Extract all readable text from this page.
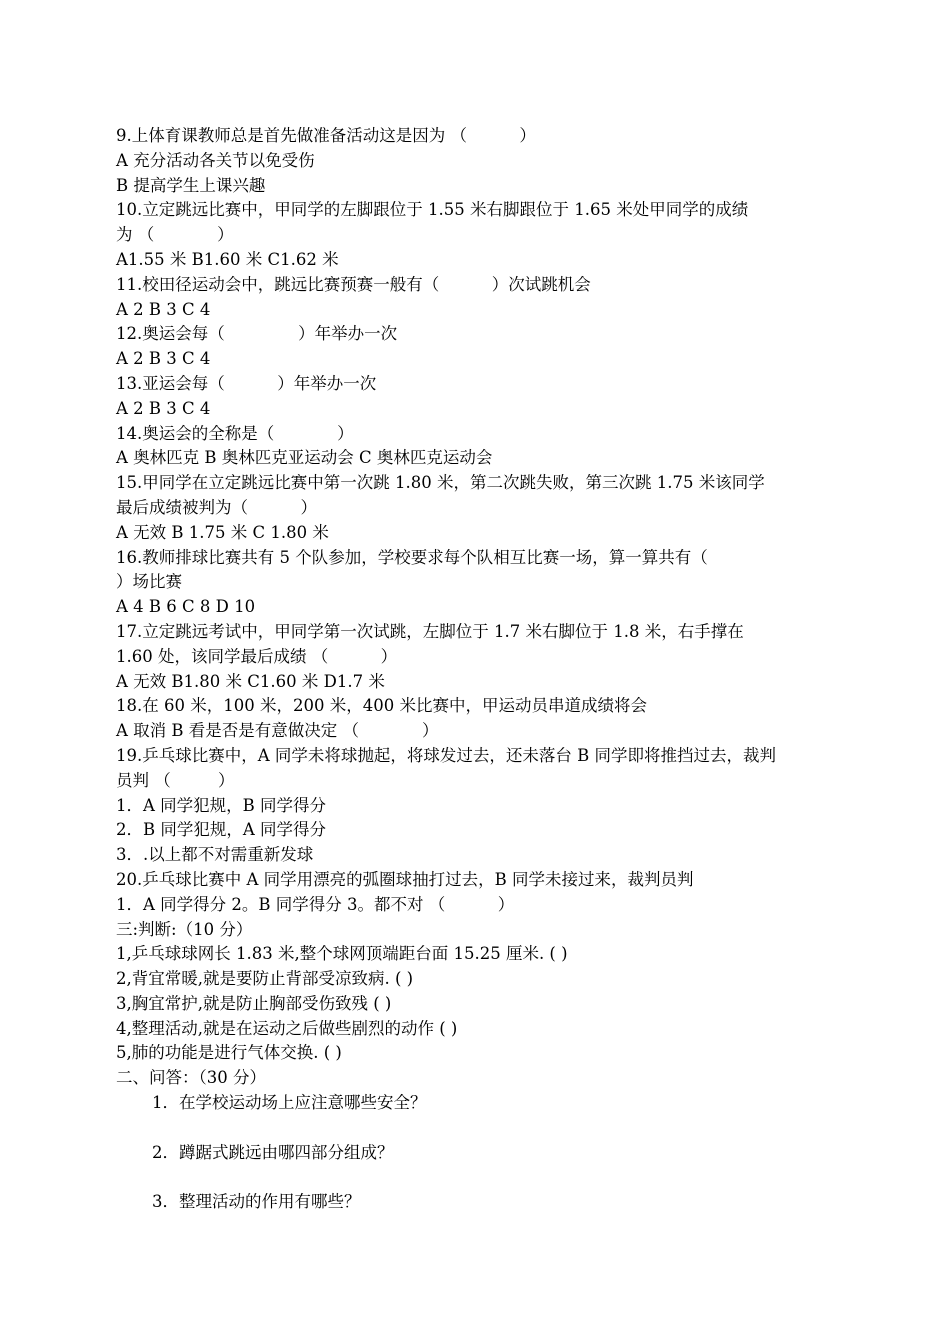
9.上体育课教师总是首先做准备活动这是因为 （          ）
A 充分活动各关节以免受伤
B 提高学生上课兴趣
10.立定跳远比赛中，甲同学的左脚跟位于 1.55 米右脚跟位于 1.65 米处甲同学的成绩
为 （            ）
A1.55 米 B1.60 米 C1.62 米
11.校田径运动会中，跳远比赛预赛一般有（          ）次试跳机会
A 2 B 3 C 4
12.奥运会每（              ）年举办一次
A 2 B 3 C 4
13.亚运会每（          ）年举办一次
A 2 B 3 C 4
14.奥运会的全称是（            ）
A 奥林匹克 B 奥林匹克亚运动会 C 奥林匹克运动会
15.甲同学在立定跳远比赛中第一次跳 1.80 米，第二次跳失败，第三次跳 1.75 米该同学
最后成绩被判为（          ）
A 无效 B 1.75 米 C 1.80 米
16.教师排球比赛共有 5 个队参加，学校要求每个队相互比赛一场，算一算共有（
）场比赛
A 4 B 6 C 8 D 10
17.立定跳远考试中，甲同学第一次试跳，左脚位于 1.7 米右脚位于 1.8 米，右手撑在
1.60 处，该同学最后成绩 （          ）
A 无效 B1.80 米 C1.60 米 D1.7 米
18.在 60 米，100 米，200 米，400 米比赛中，甲运动员串道成绩将会
A 取消 B 看是否是有意做决定 （            ）
19.乒乓球比赛中，A 同学未将球抛起，将球发过去，还未落台 B 同学即将推挡过去，裁判
员判 （         ）
1．A 同学犯规，B 同学得分
2．B 同学犯规，A 同学得分
3．.以上都不对需重新发球
20.乒乓球比赛中 A 同学用漂亮的弧圈球抽打过去，B 同学未接过来，裁判员判
1．A 同学得分 2。B 同学得分 3。都不对 （          ）
三:判断:（10 分）
1,乒乓球球网长 1.83 米,整个球网顶端距台面 15.25 厘米. ( )
2,背宜常暖,就是要防止背部受凉致病. ( )
3,胸宜常护,就是防止胸部受伤致残 ( )
4,整理活动,就是在运动之后做些剧烈的动作 ( )
5,肺的功能是进行气体交换. ( )
二、问答：（30 分）
1．在学校运动场上应注意哪些安全？
2．蹲踞式跳远由哪四部分组成？
3．整理活动的作用有哪些？
